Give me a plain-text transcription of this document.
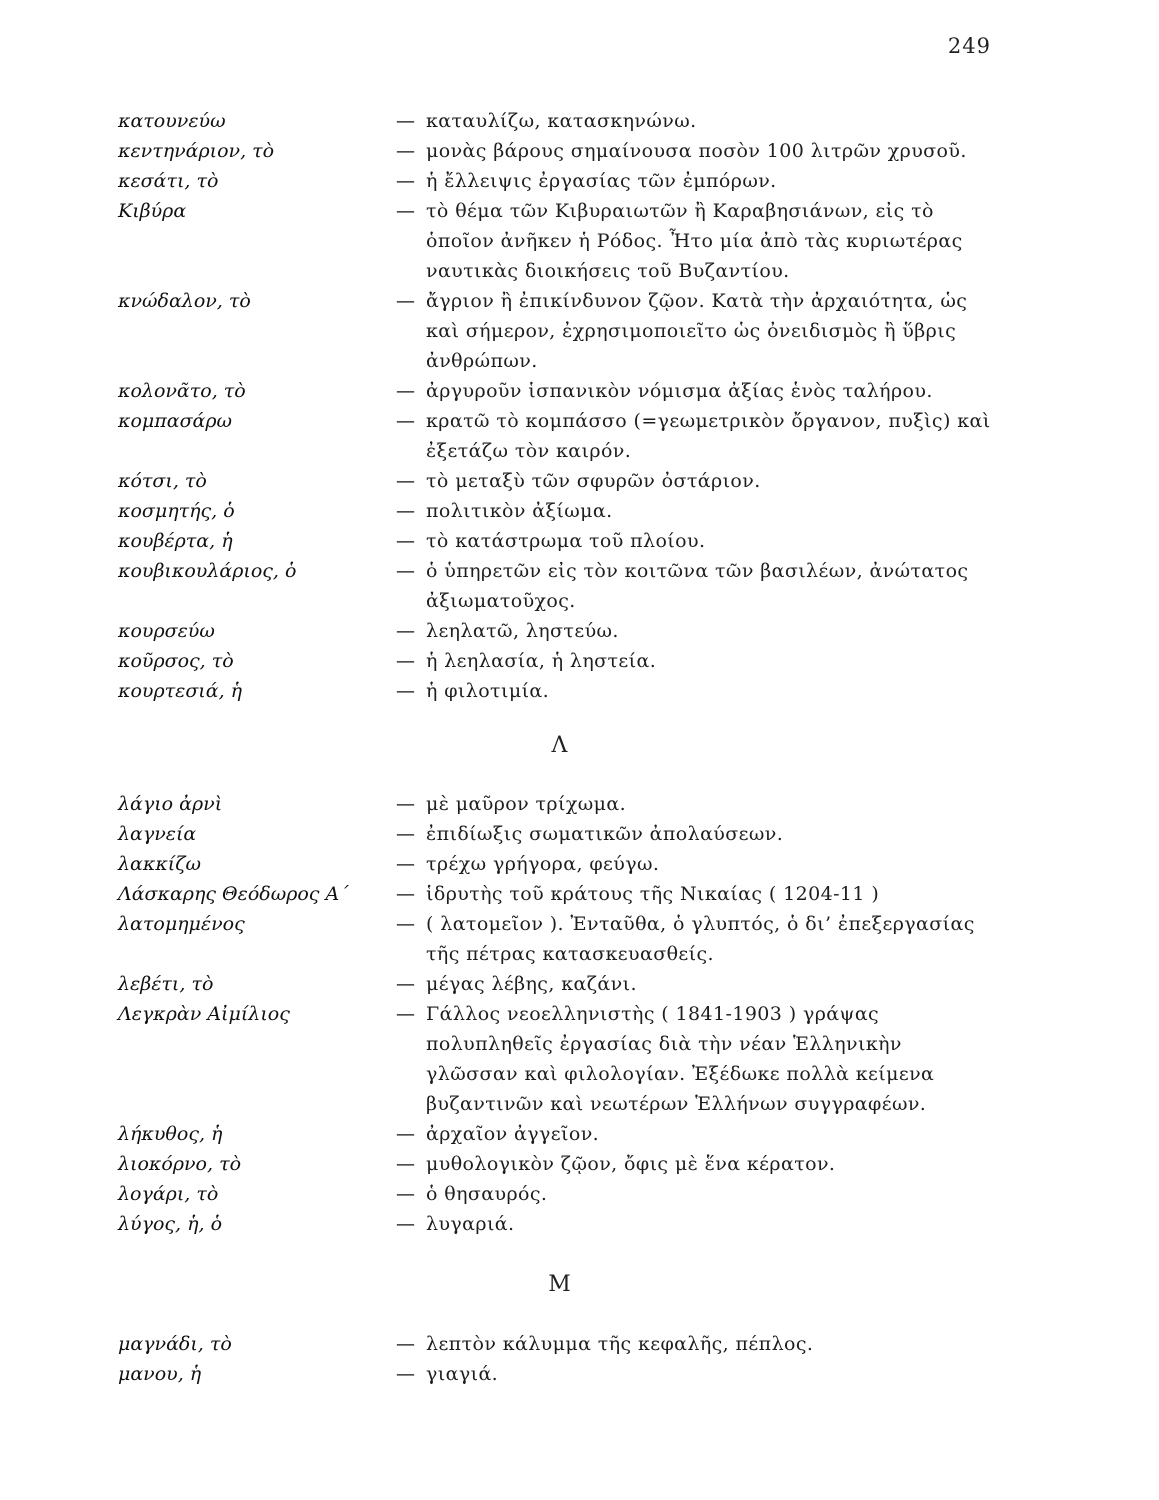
249
κατουνεύω	— καταυλίζω, κατασκηνώνω.
κεντηνάριον, τὸ	— μονὰς βάρους σημαίνουσα ποσὸν 100 λιτρῶν χρυσοῦ.
κεσάτι, τὸ	— ἡ ἔλλειψις ἐργασίας τῶν ἐμπόρων.
Κιβύρα	— τὸ θέμα τῶν Κιβυραιωτῶν ἢ Καραβησιάνων, εἰς τὸ ὁποῖον ἀνῆκεν ἡ Ρόδος. Ἦτο μία ἀπὸ τὰς κυριωτέρας ναυτικὰς διοικήσεις τοῦ Βυζαντίου.
κνώδαλον, τὸ	— ἄγριον ἢ ἐπικίνδυνον ζῷον. Κατὰ τὴν ἀρχαιότητα, ὡς καὶ σήμερον, ἐχρησιμοποιεῖτο ὡς ὀνειδισμὸς ἢ ὕβρις ἀνθρώπων.
κολονᾶτο, τὸ	— ἀργυροῦν ἱσπανικὸν νόμισμα ἀξίας ἑνὸς ταλήρου.
κομπασάρω	— κρατῶ τὸ κομπάσσο (=γεωμετρικὸν ὄργανον, πυξὶς) καὶ ἐξετάζω τὸν καιρόν.
κότσι, τὸ	— τὸ μεταξὺ τῶν σφυρῶν ὀστάριον.
κοσμητής, ὁ	— πολιτικὸν ἀξίωμα.
κουβέρτα, ἡ	— τὸ κατάστρωμα τοῦ πλοίου.
κουβικουλάριος, ὁ	— ὁ ὑπηρετῶν εἰς τὸν κοιτῶνα τῶν βασιλέων, ἀνώτατος ἀξιωματοῦχος.
κουρσεύω	— λεηλατῶ, ληστεύω.
κοῦρσος, τὸ	— ἡ λεηλασία, ἡ ληστεία.
κουρτεσιά, ἡ	— ἡ φιλοτιμία.
Λ
λάγιο ἀρνὶ	— μὲ μαῦρον τρίχωμα.
λαγνεία	— ἐπιδίωξις σωματικῶν ἀπολαύσεων.
λακκίζω	— τρέχω γρήγορα, φεύγω.
Λάσκαρης Θεόδωρος Α΄	— ἱδρυτὴς τοῦ κράτους τῆς Νικαίας ( 1204-11 )
λατομημένος	— ( λατομεῖον ). Ἐνταῦθα, ὁ γλυπτός, ὁ δι’ ἐπεξεργασίας τῆς πέτρας κατασκευασθείς.
λεβέτι, τὸ	— μέγας λέβης, καζάνι.
Λεγκρὰν Αἰμίλιος	— Γάλλος νεοελληνιστὴς ( 1841-1903 ) γράψας πολυπληθεῖς ἐργασίας διὰ τὴν νέαν Ἑλληνικὴν γλῶσσαν καὶ φιλολογίαν. Ἐξέδωκε πολλὰ κείμενα βυζαντινῶν καὶ νεωτέρων Ἑλλήνων συγγραφέων.
λήκυθος, ἡ	— ἀρχαῖον ἀγγεῖον.
λιοκόρνο, τὸ	— μυθολογικὸν ζῷον, ὄφις μὲ ἕνα κέρατον.
λογάρι, τὸ	— ὁ θησαυρός.
λύγος, ἡ, ὁ	— λυγαριά.
Μ
μαγνάδι, τὸ	— λεπτὸν κάλυμμα τῆς κεφαλῆς, πέπλος.
μανου, ἡ	— γιαγιά.
